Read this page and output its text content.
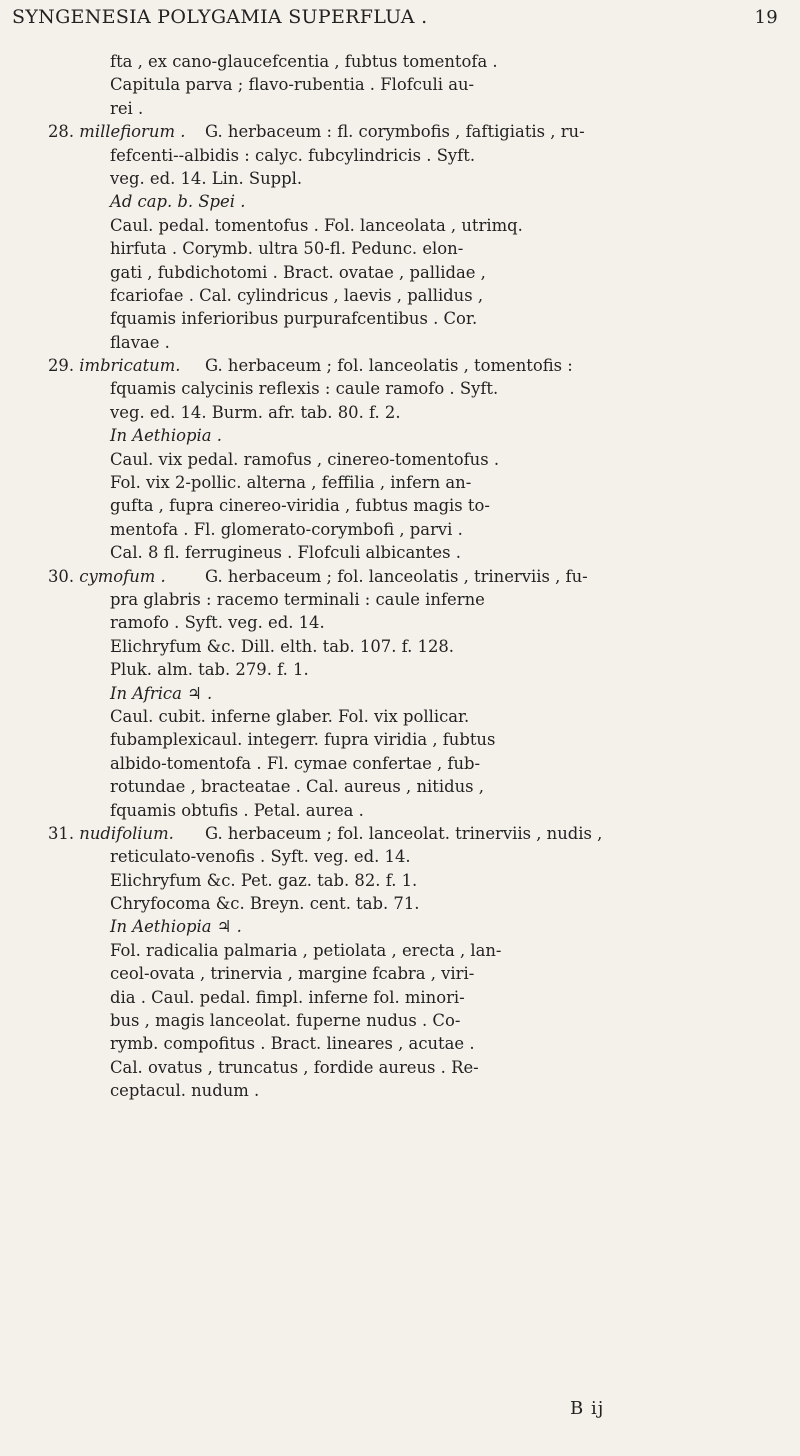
SYNGENESIA POLYGAMIA SUPERFLUA .	19
fta , ex cano-glaucefcentia , fubtus tomentofa .
Capitula parva ; flavo-rubentia . Flofculi au-
rei .
28. millefiorum . G. herbaceum : fl. corymbofis , faftigiatis , ru-
fefcenti--albidis : calyc. fubcylindricis . Syft.
veg. ed. 14. Lin. Suppl.
Ad cap. b. Spei .
Caul. pedal. tomentofus . Fol. lanceolata , utrimq.
hirfuta . Corymb. ultra 50-fl. Pedunc. elon-
gati , fubdichotomi . Bract. ovatae , pallidae ,
fcariofae . Cal. cylindricus , laevis , pallidus ,
fquamis inferioribus purpurafcentibus . Cor.
flavae .
29. imbricatum. G. herbaceum ; fol. lanceolatis , tomentofis :
fquamis calycinis reflexis : caule ramofo . Syft.
veg. ed. 14. Burm. afr. tab. 80. f. 2.
In Aethiopia .
Caul. vix pedal. ramofus , cinereo-tomentofus .
Fol. vix 2-pollic. alterna , feffilia , infern an-
gufta , fupra cinereo-viridia , fubtus magis to-
mentofa . Fl. glomerato-corymbofi , parvi .
Cal. 8 fl. ferrugineus . Flofculi albicantes .
30. cymofum . G. herbaceum ; fol. lanceolatis , trinerviis , fu-
pra glabris : racemo terminali : caule inferne
ramofo . Syft. veg. ed. 14.
Elichryfum &c. Dill. elth. tab. 107. f. 128.
Pluk. alm. tab. 279. f. 1.
In Africa ♃ .
Caul. cubit. inferne glaber. Fol. vix pollicar.
fubamplexicaul. integerr. fupra viridia , fubtus
albido-tomentofa . Fl. cymae confertae , fub-
rotundae , bracteatae . Cal. aureus , nitidus ,
fquamis obtufis . Petal. aurea .
31. nudifolium. G. herbaceum ; fol. lanceolat. trinerviis , nudis ,
reticulato-venofis . Syft. veg. ed. 14.
Elichryfum &c. Pet. gaz. tab. 82. f. 1.
Chryfocoma &c. Breyn. cent. tab. 71.
In Aethiopia ♃ .
Fol. radicalia palmaria , petiolata , erecta , lan-
ceol-ovata , trinervia , margine fcabra , viri-
dia . Caul. pedal. fimpl. inferne fol. minori-
bus , magis lanceolat. fuperne nudus . Co-
rymb. compofitus . Bract. lineares , acutae .
Cal. ovatus , truncatus , fordide aureus . Re-
ceptacul. nudum .
B ij
